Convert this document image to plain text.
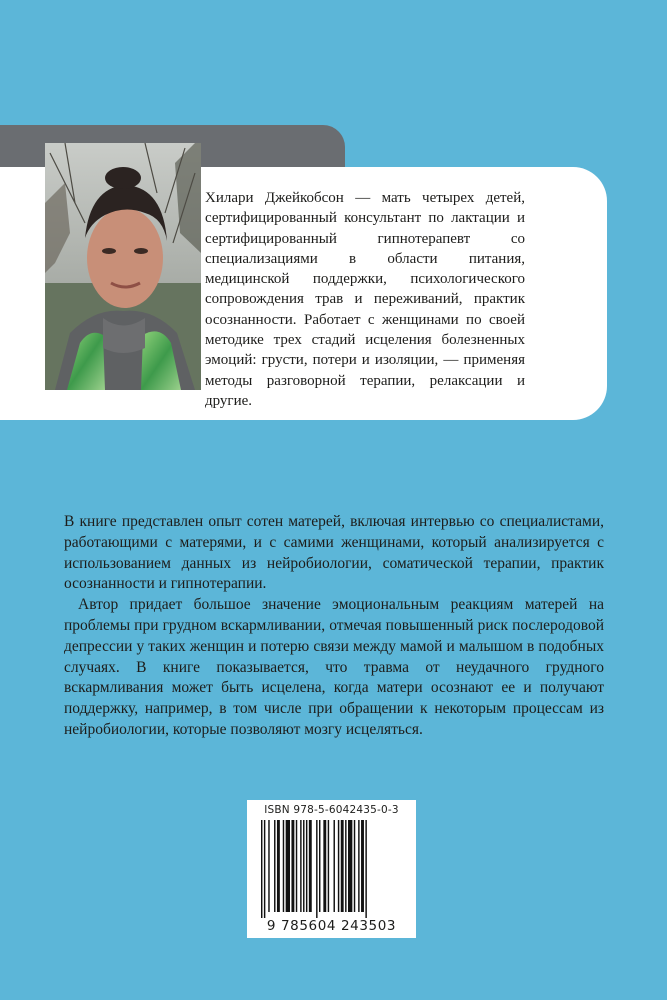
Хилари Джейкобсон — мать четырех детей, сертифицированный консультант по лактации и сертифицированный гипнотерапевт со специализациями в области питания, медицинской поддержки, психологического сопровождения трав и переживаний, практик осознанности. Работает с женщинами по своей методике трех стадий исцеления болезненных эмоций: грусти, потери и изоляции, — применяя методы разговорной терапии, релаксации и другие.

В книге представлен опыт сотен матерей, включая интервью со специалистами, работающими с матерями, и с самими женщинами, который анализируется с использованием данных из нейробиологии, соматической терапии, практик осознанности и гипнотерапии.

Автор придает большое значение эмоциональным реакциям матерей на проблемы при грудном вскармливании, отмечая повышенный риск послеродовой депрессии у таких женщин и потерю связи между мамой и малышом в подобных случаях. В книге показывается, что травма от неудачного грудного вскармливания может быть исцелена, когда матери осознают ее и получают поддержку, например, в том числе при обращении к некоторым процессам из нейробиологии, которые позволяют мозгу исцеляться.

ISBN 978-5-6042435-0-3
9 785604 243503
